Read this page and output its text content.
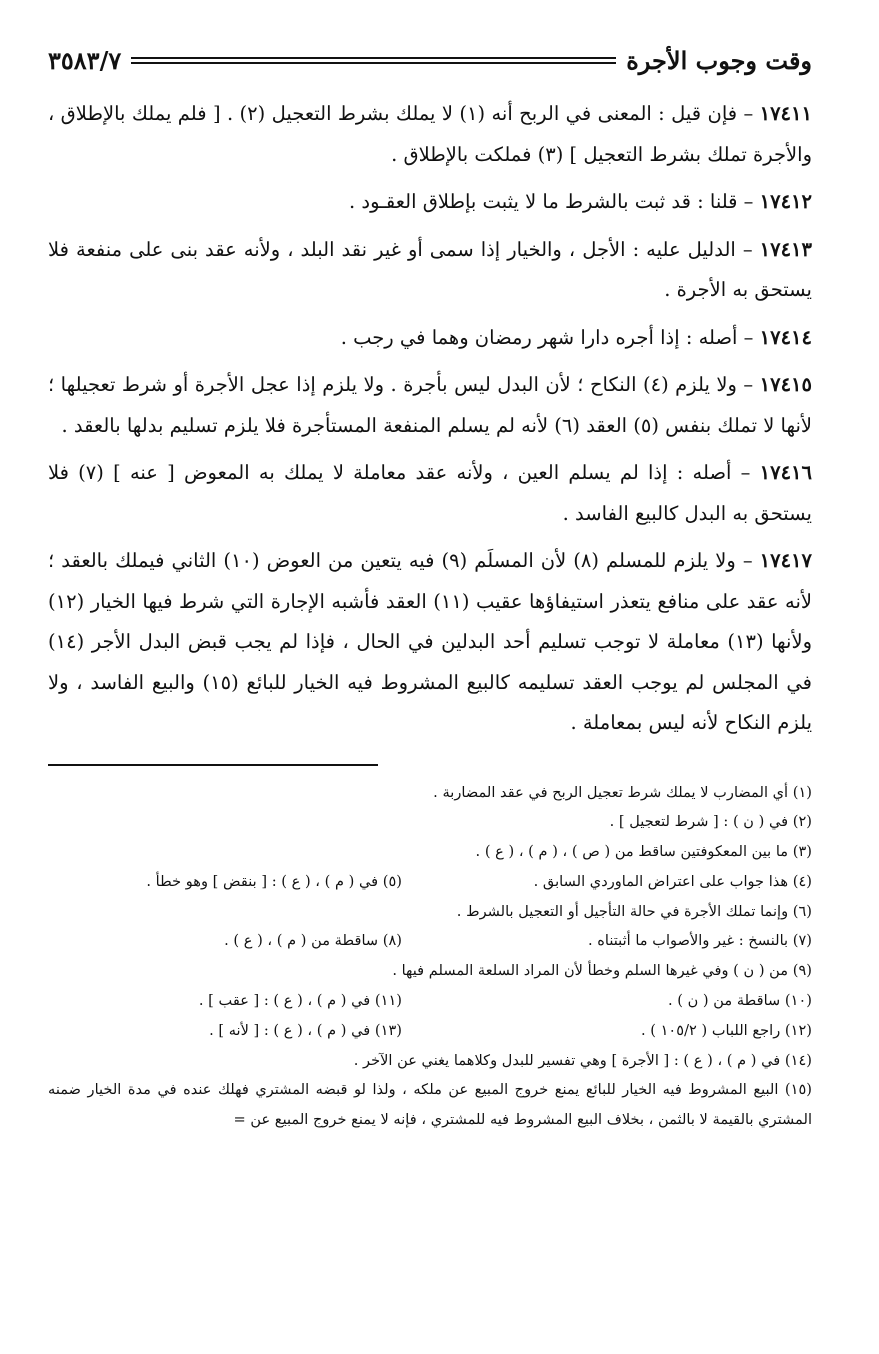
وقت وجوب الأجرة
٣٥٨٣/٧

١٧٤١١ – فإن قيل : المعنى في الربح أنه (١) لا يملك بشرط التعجيل (٢) . [ فلم يملك بالإطلاق ، والأجرة تملك بشرط التعجيل ] (٣) فملكت بالإطلاق .

١٧٤١٢ – قلنا : قد ثبت بالشرط ما لا يثبت بإطلاق العقـود .

١٧٤١٣ – الدليل عليه : الأجل ، والخيار إذا سمى أو غير نقد البلد ، ولأنه عقد بنى على منفعة فلا يستحق به الأجرة .

١٧٤١٤ – أصله : إذا أجره دارا شهر رمضان وهما في رجب .

١٧٤١٥ – ولا يلزم (٤) النكاح ؛ لأن البدل ليس بأجرة . ولا يلزم إذا عجل الأجرة أو شرط تعجيلها ؛ لأنها لا تملك بنفس (٥) العقد (٦) لأنه لم يسلم المنفعة المستأجرة فلا يلزم تسليم بدلها بالعقد .

١٧٤١٦ – أصله : إذا لم يسلم العين ، ولأنه عقد معاملة لا يملك به المعوض [ عنه ] (٧) فلا يستحق به البدل كالبيع الفاسد .

١٧٤١٧ – ولا يلزم للمسلم (٨) لأن المسلَم (٩) فيه يتعين من العوض (١٠) الثاني فيملك بالعقد ؛ لأنه عقد على منافع يتعذر استيفاؤها عقيب (١١) العقد فأشبه الإجارة التي شرط فيها الخيار (١٢) ولأنها (١٣) معاملة لا توجب تسليم أحد البدلين في الحال ، فإذا لم يجب قبض البدل الأجر (١٤) في المجلس لم يوجب العقد تسليمه كالبيع المشروط فيه الخيار للبائع (١٥) والبيع الفاسد ، ولا يلزم النكاح لأنه ليس بمعاملة .

(١) أي المضارب لا يملك شرط تعجيل الربح في عقد المضاربة .

(٢) في ( ن ) : [ شرط لتعجيل ] .

(٣) ما بين المعكوفتين ساقط من ( ص ) ، ( م ) ، ( ع ) .

(٤) هذا جواب على اعتراض الماوردي السابق .
(٥) في ( م ) ، ( ع ) : [ بنقض ] وهو خطأ .

(٦) وإنما تملك الأجرة في حالة التأجيل أو التعجيل بالشرط .

(٧) بالنسخ : غير والأصواب ما أثبتناه .
(٨) ساقطة من ( م ) ، ( ع ) .

(٩) من ( ن ) وفي غيرها السلم وخطأ لأن المراد السلعة المسلم فيها .

(١٠) ساقطة من ( ن ) .
(١١) في ( م ) ، ( ع ) : [ عقب ] .

(١٢) راجع اللباب ( ١٠٥/٢ ) .
(١٣) في ( م ) ، ( ع ) : [ لأنه ] .

(١٤) في ( م ) ، ( ع ) : [ الأجرة ] وهي تفسير للبدل وكلاهما يغني عن الآخر .

(١٥) البيع المشروط فيه الخيار للبائع يمنع خروج المبيع عن ملكه ، ولذا لو قبضه المشتري فهلك عنده في مدة الخيار ضمنه المشتري بالقيمة لا بالثمن ، بخلاف البيع المشروط فيه للمشتري ، فإنه لا يمنع خروج المبيع عن =
